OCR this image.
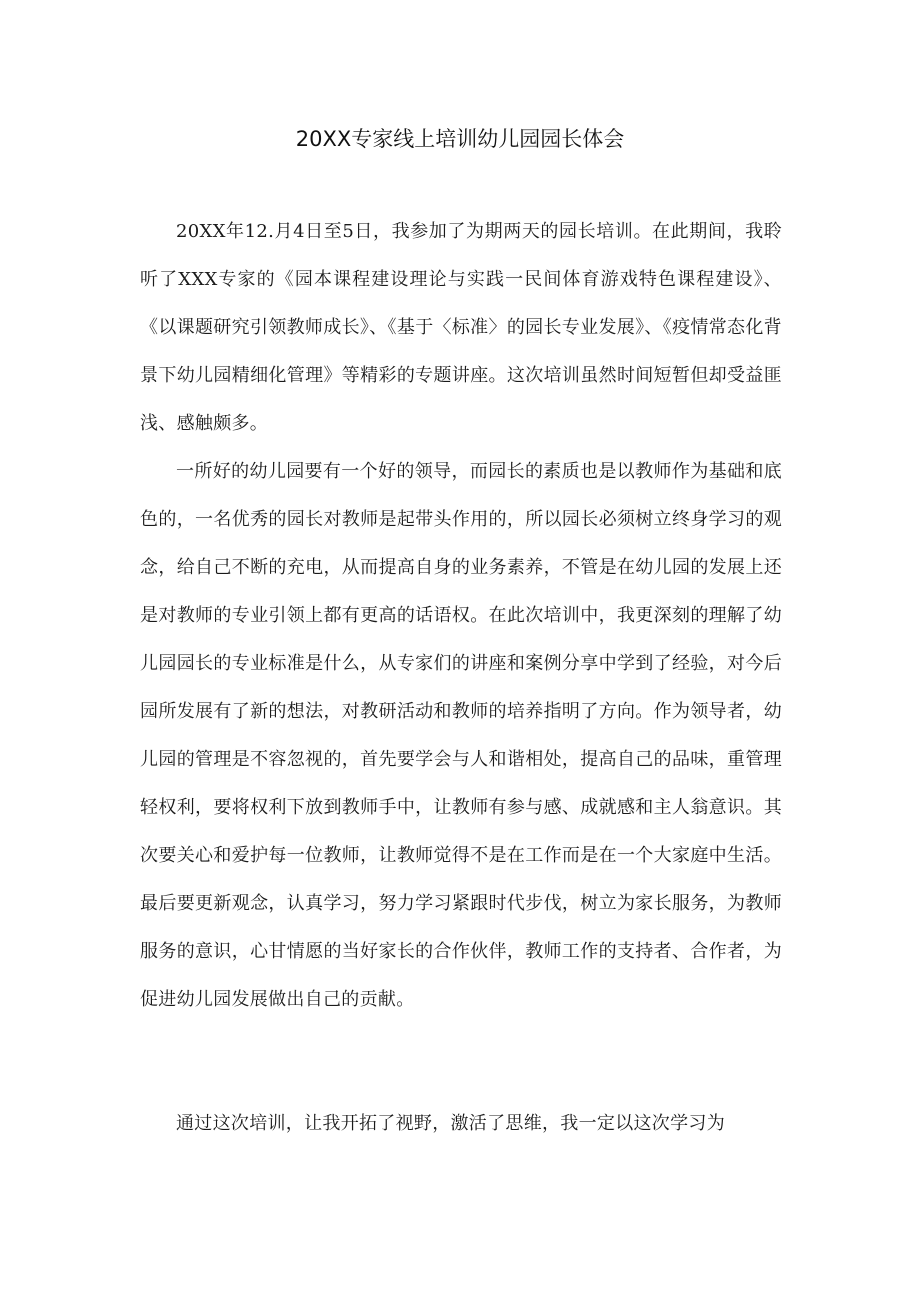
20XX专家线上培训幼儿园园长体会

20XX年12.月4日至5日，我参加了为期两天的园长培训。在此期间，我聆听了XXX专家的《园本课程建设理论与实践一民间体育游戏特色课程建设》、《以课题研究引领教师成长》、《基于〈标准〉的园长专业发展》、《疫情常态化背景下幼儿园精细化管理》等精彩的专题讲座。这次培训虽然时间短暂但却受益匪浅、感触颇多。

一所好的幼儿园要有一个好的领导，而园长的素质也是以教师作为基础和底色的，一名优秀的园长对教师是起带头作用的，所以园长必须树立终身学习的观念，给自己不断的充电，从而提高自身的业务素养，不管是在幼儿园的发展上还是对教师的专业引领上都有更高的话语权。在此次培训中，我更深刻的理解了幼儿园园长的专业标准是什么，从专家们的讲座和案例分享中学到了经验，对今后园所发展有了新的想法，对教研活动和教师的培养指明了方向。作为领导者，幼儿园的管理是不容忽视的，首先要学会与人和谐相处，提高自己的品味，重管理轻权利，要将权利下放到教师手中，让教师有参与感、成就感和主人翁意识。其次要关心和爱护每一位教师，让教师觉得不是在工作而是在一个大家庭中生活。最后要更新观念，认真学习，努力学习紧跟时代步伐，树立为家长服务，为教师服务的意识，心甘情愿的当好家长的合作伙伴，教师工作的支持者、合作者，为促进幼儿园发展做出自己的贡献。

通过这次培训，让我开拓了视野，激活了思维，我一定以这次学习为
